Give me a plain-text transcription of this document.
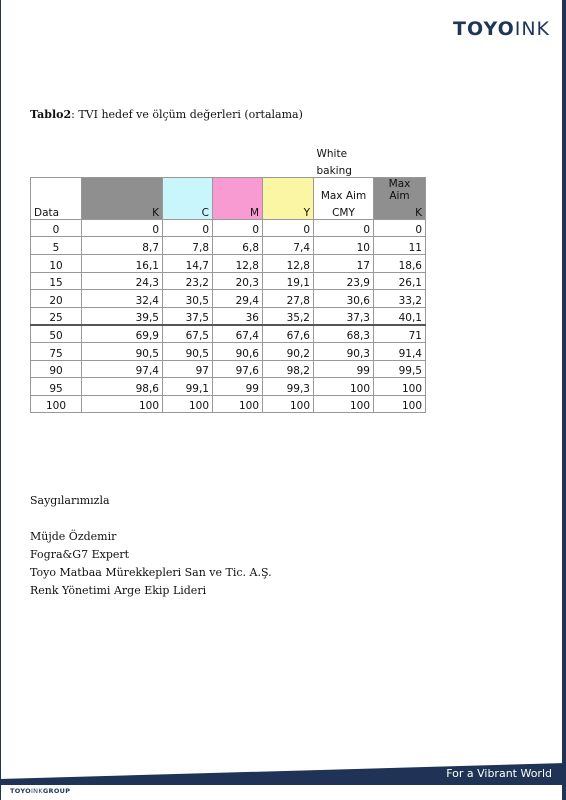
TOYOINK
Tablo2: TVI hedef ve ölçüm değerleri (ortalama)
					White	
					baking	
					Max Aim	Max Aim
Data	K	C	M	Y	CMY	K
0	0	0	0	0	0	0
5	8,7	7,8	6,8	7,4	10	11
10	16,1	14,7	12,8	12,8	17	18,6
15	24,3	23,2	20,3	19,1	23,9	26,1
20	32,4	30,5	29,4	27,8	30,6	33,2
25	39,5	37,5	36	35,2	37,3	40,1
50	69,9	67,5	67,4	67,6	68,3	71
75	90,5	90,5	90,6	90,2	90,3	91,4
90	97,4	97	97,6	98,2	99	99,5
95	98,6	99,1	99	99,3	100	100
100	100	100	100	100	100	100
Saygılarımızla
Müjde Özdemir
Fogra&G7 Expert
Toyo Matbaa Mürekkepleri San ve Tic. A.Ş.
Renk Yönetimi Arge Ekip Lideri
For a Vibrant World
TOYOINKGROUP
